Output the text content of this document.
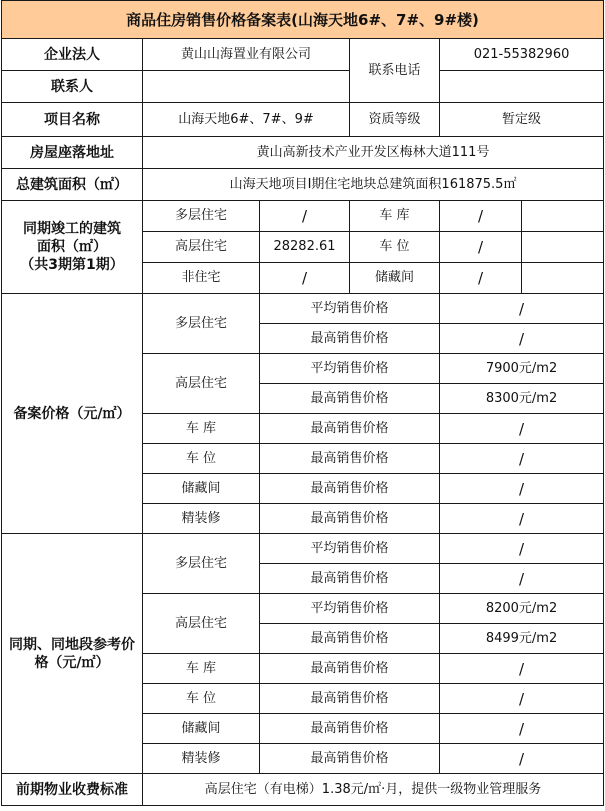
商品住房销售价格备案表(山海天地6#、7#、9#楼)					
企业法人	黄山山海置业有限公司		联系电话	021-55382960	
联系人					
项目名称	山海天地6#、7#、9#		资质等级	暂定级	
房屋座落地址	黄山高新技术产业开发区梅林大道111号				
总建筑面积（㎡）	山海天地项目Ⅰ期住宅地块总建筑面积161875.5㎡				
同期竣工的建筑
面积（㎡）
（共3期第1期）	多层住宅	/	车 库	/	
	高层住宅	28282.61	车 位	/	
	非住宅	/	储藏间	/	
备案价格（元/㎡）	多层住宅	平均销售价格		/	
		最高销售价格		/	
	高层住宅	平均销售价格		7900元/m2	
		最高销售价格		8300元/m2	
	车 库	最高销售价格		/	
	车 位	最高销售价格		/	
	储藏间	最高销售价格		/	
	精装修	最高销售价格		/	
同期、同地段参考价
格（元/㎡）	多层住宅	平均销售价格		/	
		最高销售价格		/	
	高层住宅	平均销售价格		8200元/m2	
		最高销售价格		8499元/m2	
	车 库	最高销售价格		/	
	车 位	最高销售价格		/	
	储藏间	最高销售价格		/	
	精装修	最高销售价格		/	
前期物业收费标准	高层住宅（有电梯）1.38元/㎡·月，提供一级物业管理服务				
